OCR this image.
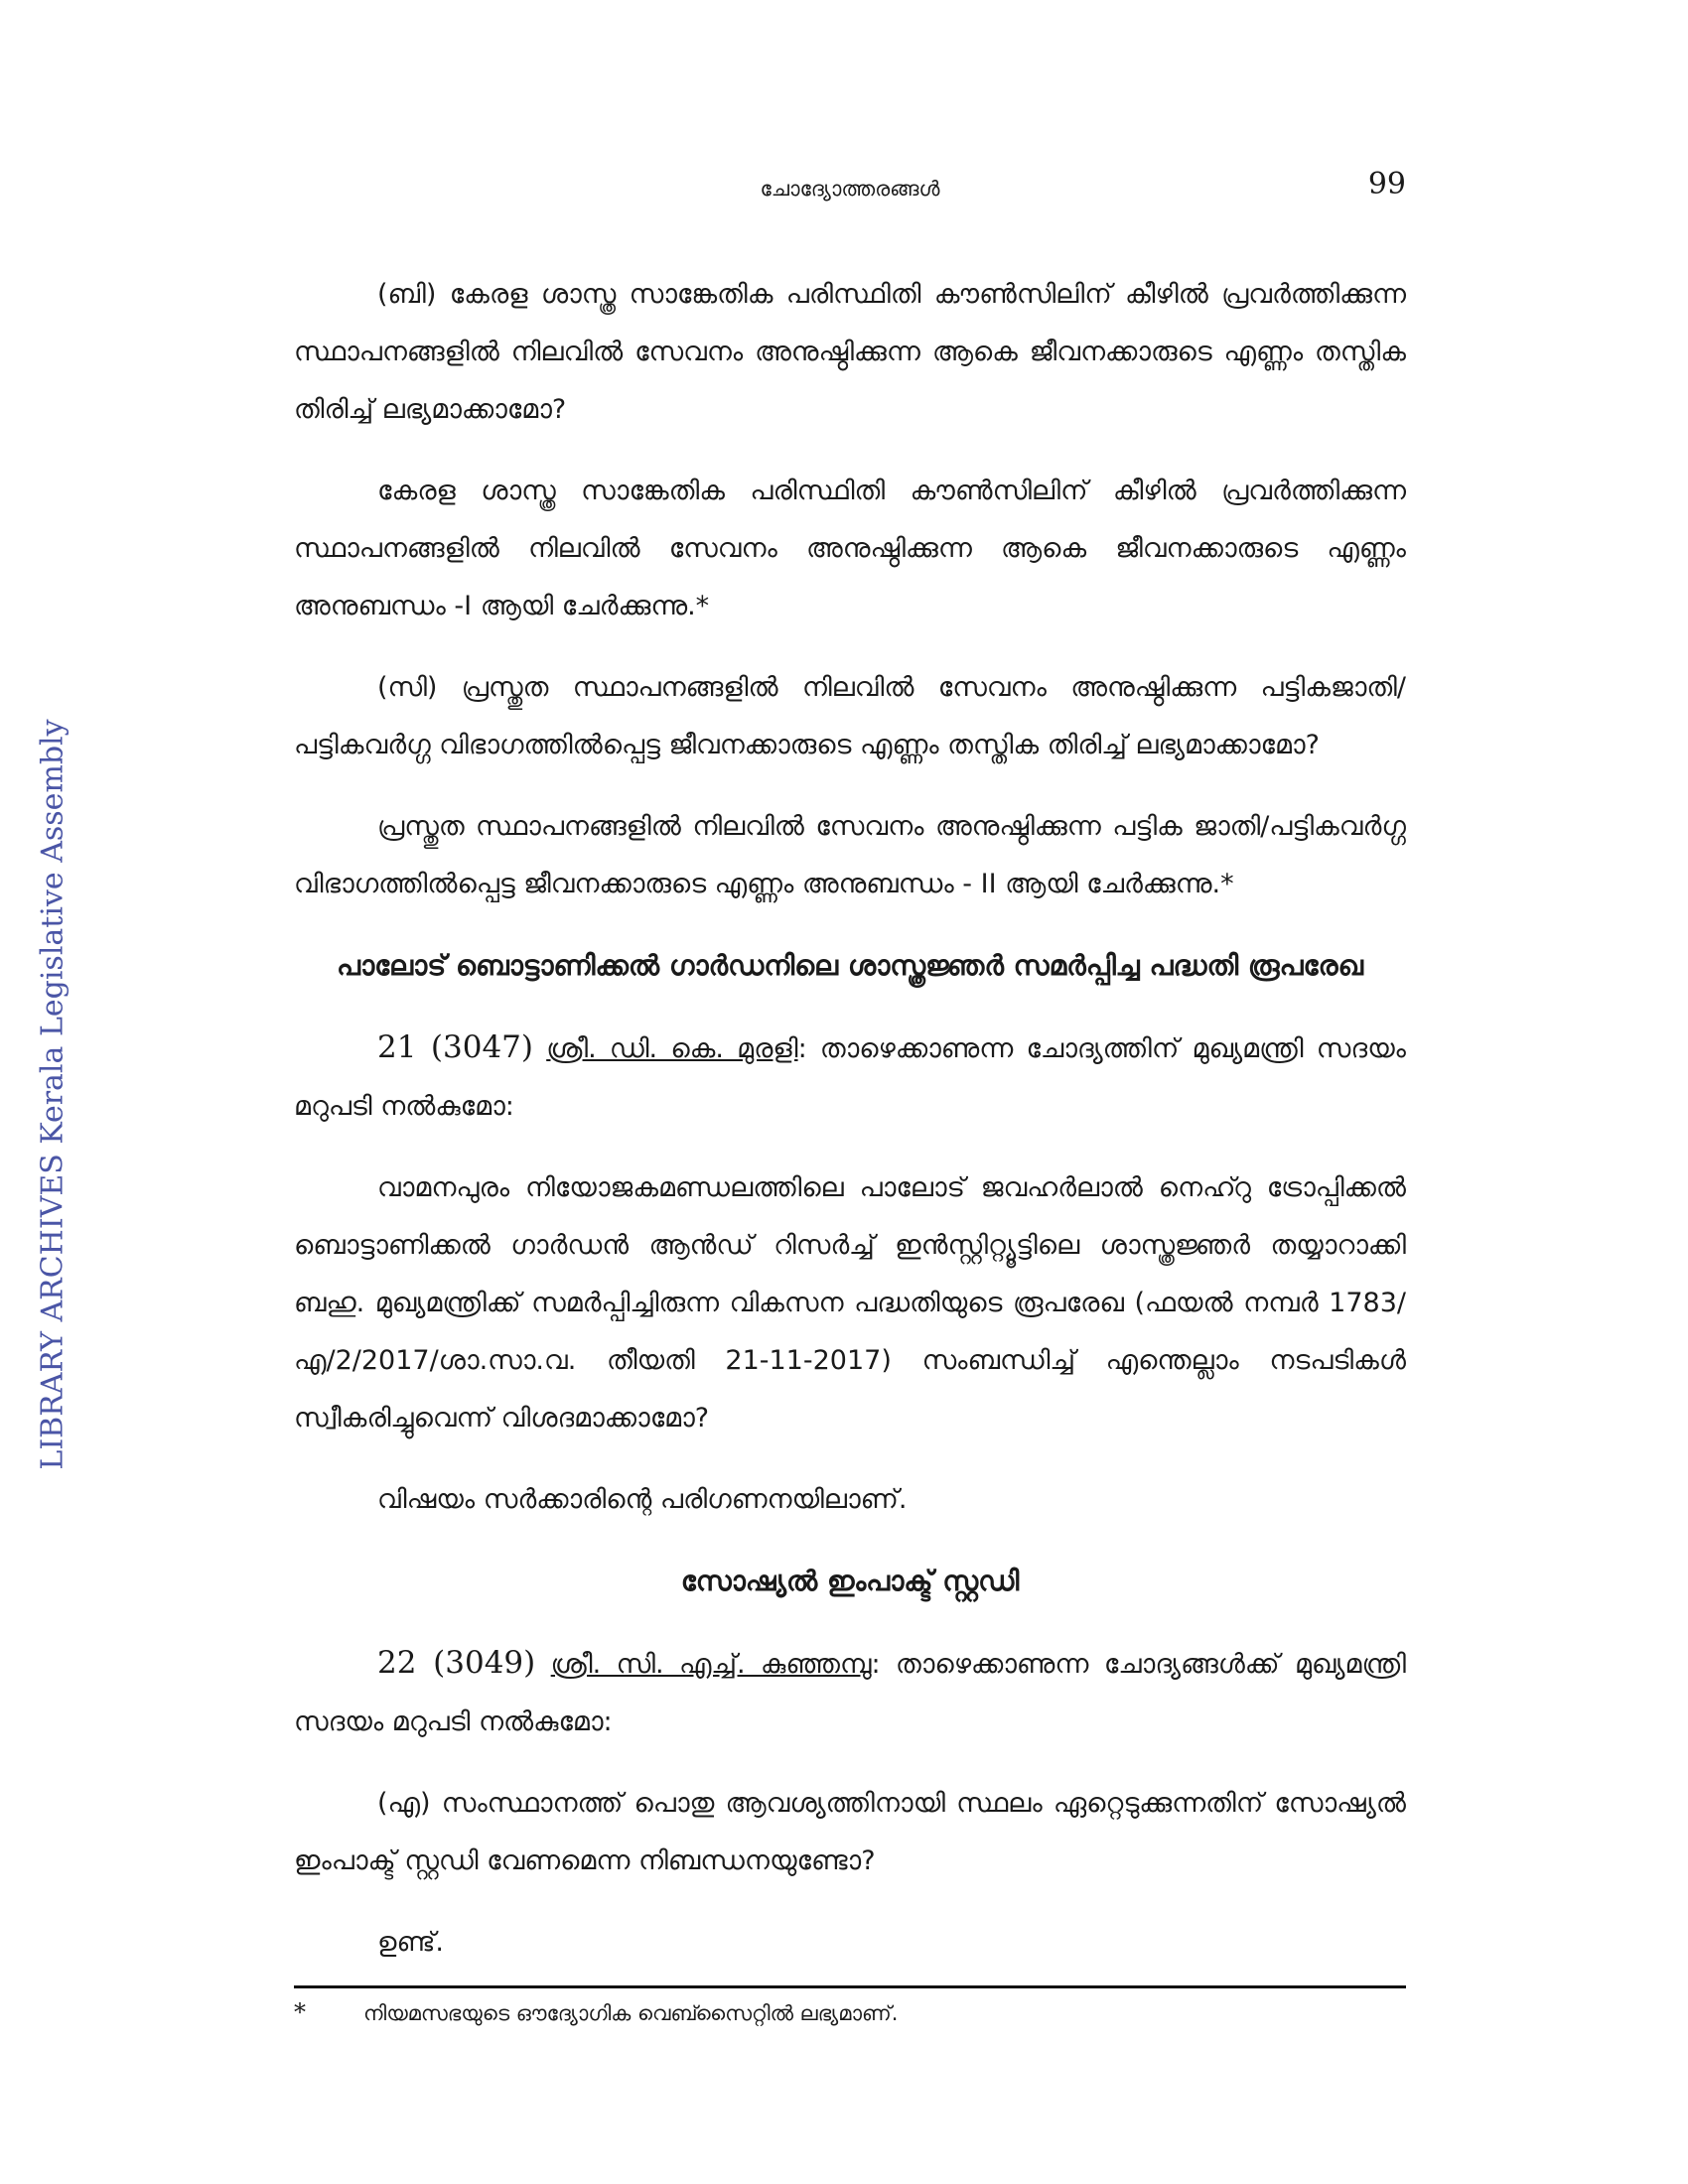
LIBRARY ARCHIVES Kerala Legislative Assembly
ചോദ്യോത്തരങ്ങൾ	99

(ബി) കേരള ശാസ്ത്ര സാങ്കേതിക പരിസ്ഥിതി കൗൺസിലിന് കീഴിൽ പ്രവർത്തിക്കുന്ന സ്ഥാപനങ്ങളിൽ നിലവിൽ സേവനം അനുഷ്ഠിക്കുന്ന ആകെ ജീവനക്കാരുടെ എണ്ണം തസ്തിക തിരിച്ച് ലഭ്യമാക്കാമോ?

കേരള ശാസ്ത്ര സാങ്കേതിക പരിസ്ഥിതി കൗൺസിലിന് കീഴിൽ പ്രവർത്തിക്കുന്ന സ്ഥാപനങ്ങളിൽ നിലവിൽ സേവനം അനുഷ്ഠിക്കുന്ന ആകെ ജീവനക്കാരുടെ എണ്ണം അനുബന്ധം -I ആയി ചേർക്കുന്നു.*

(സി) പ്രസ്തുത സ്ഥാപനങ്ങളിൽ നിലവിൽ സേവനം അനുഷ്ഠിക്കുന്ന പട്ടികജാതി/പട്ടികവർഗ്ഗ വിഭാഗത്തിൽപ്പെട്ട ജീവനക്കാരുടെ എണ്ണം തസ്തിക തിരിച്ച് ലഭ്യമാക്കാമോ?

പ്രസ്തുത സ്ഥാപനങ്ങളിൽ നിലവിൽ സേവനം അനുഷ്ഠിക്കുന്ന പട്ടിക ജാതി/പട്ടികവർഗ്ഗ വിഭാഗത്തിൽപ്പെട്ട ജീവനക്കാരുടെ എണ്ണം അനുബന്ധം - II ആയി ചേർക്കുന്നു.*

പാലോട് ബൊട്ടാണിക്കൽ ഗാർഡനിലെ ശാസ്ത്രജ്ഞർ സമർപ്പിച്ച പദ്ധതി രൂപരേഖ

21 (3047) ശ്രീ. ഡി. കെ. മുരളി: താഴെക്കാണുന്ന ചോദ്യത്തിന് മുഖ്യമന്ത്രി സദയം മറുപടി നൽകുമോ:

വാമനപുരം നിയോജകമണ്ഡലത്തിലെ പാലോട് ജവഹർലാൽ നെഹ്റു ട്രോപ്പിക്കൽ ബൊട്ടാണിക്കൽ ഗാർഡൻ ആൻഡ് റിസർച്ച് ഇൻസ്റ്റിറ്റ്യൂട്ടിലെ ശാസ്ത്രജ്ഞർ തയ്യാറാക്കി ബഹു. മുഖ്യമന്ത്രിക്ക് സമർപ്പിച്ചിരുന്ന വികസന പദ്ധതിയുടെ രൂപരേഖ (ഫയൽ നമ്പർ 1783/എ/2/2017/ശാ.സാ.വ. തീയതി 21-11-2017) സംബന്ധിച്ച് എന്തെല്ലാം നടപടികൾ സ്വീകരിച്ചുവെന്ന് വിശദമാക്കാമോ?

വിഷയം സർക്കാരിന്റെ പരിഗണനയിലാണ്.

സോഷ്യൽ ഇംപാക്ട് സ്റ്റഡി

22 (3049) ശ്രീ. സി. എച്ച്. കുഞ്ഞമ്പു: താഴെക്കാണുന്ന ചോദ്യങ്ങൾക്ക് മുഖ്യമന്ത്രി സദയം മറുപടി നൽകുമോ:

(എ) സംസ്ഥാനത്ത് പൊതു ആവശ്യത്തിനായി സ്ഥലം ഏറ്റെടുക്കുന്നതിന് സോഷ്യൽ ഇംപാക്ട് സ്റ്റഡി വേണമെന്ന നിബന്ധനയുണ്ടോ?

ഉണ്ട്.

*	നിയമസഭയുടെ ഔദ്യോഗിക വെബ്സൈറ്റിൽ ലഭ്യമാണ്.
